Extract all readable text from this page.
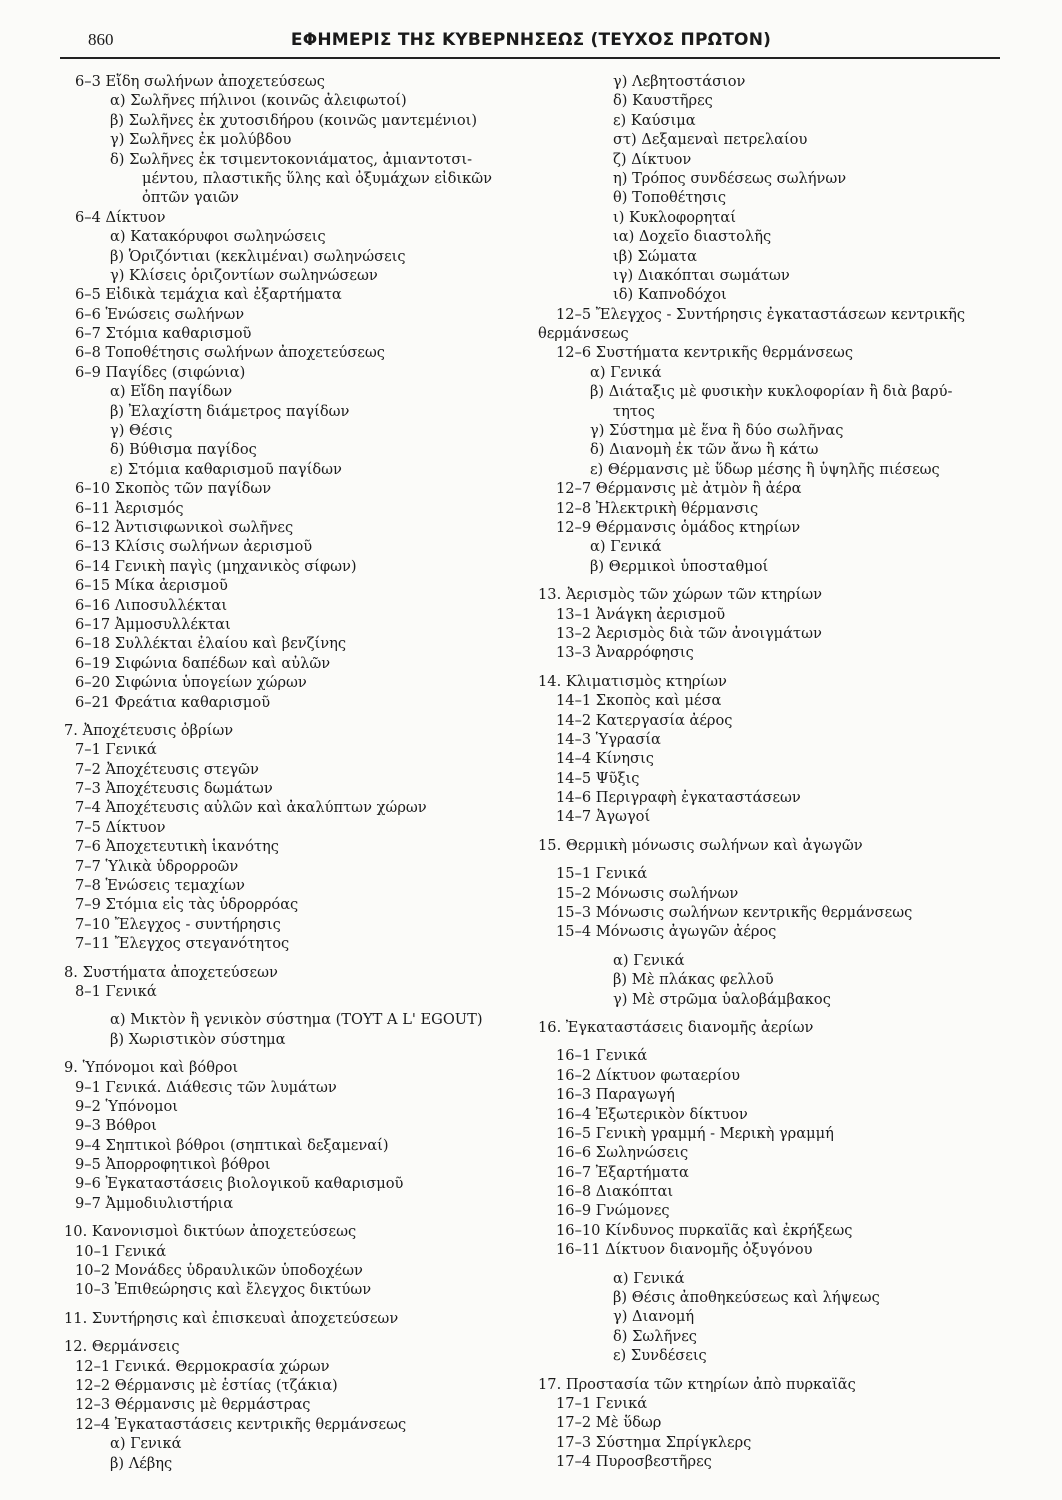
860	ΕΦΗΜΕΡΙΣ ΤΗΣ ΚΥΒΕΡΝΗΣΕΩΣ (ΤΕΥΧΟΣ ΠΡΩΤΟΝ)
6–3 Εἴδη σωλήνων ἀποχετεύσεως
α) Σωλῆνες πήλινοι (κοινῶς ἀλειφωτοί)
β) Σωλῆνες ἐκ χυτοσιδήρου (κοινῶς μαντεμένιοι)
γ) Σωλῆνες ἐκ μολύβδου
δ) Σωλῆνες ἐκ τσιμεντοκονιάματος, ἀμιαντοτσι-
μέντου, πλαστικῆς ὕλης καὶ ὀξυμάχων εἰδικῶν
ὀπτῶν γαιῶν
6–4 Δίκτυον
α) Κατακόρυφοι σωληνώσεις
β) Ὁριζόντιαι (κεκλιμέναι) σωληνώσεις
γ) Κλίσεις ὁριζοντίων σωληνώσεων
6–5 Εἰδικὰ τεμάχια καὶ ἐξαρτήματα
6–6 Ἑνώσεις σωλήνων
6–7 Στόμια καθαρισμοῦ
6–8 Τοποθέτησις σωλήνων ἀποχετεύσεως
6–9 Παγίδες (σιφώνια)
α) Εἴδη παγίδων
β) Ἐλαχίστη διάμετρος παγίδων
γ) Θέσις
δ) Βύθισμα παγίδος
ε) Στόμια καθαρισμοῦ παγίδων
6–10 Σκοπὸς τῶν παγίδων
6–11 Ἀερισμός
6–12 Ἀντισιφωνικοὶ σωλῆνες
6–13 Κλίσις σωλήνων ἀερισμοῦ
6–14 Γενικὴ παγὶς (μηχανικὸς σίφων)
6–15 Μίκα ἀερισμοῦ
6–16 Λιποσυλλέκται
6–17 Ἀμμοσυλλέκται
6–18 Συλλέκται ἐλαίου καὶ βενζίνης
6–19 Σιφώνια δαπέδων καὶ αὐλῶν
6–20 Σιφώνια ὑπογείων χώρων
6–21 Φρεάτια καθαρισμοῦ
7. Ἀποχέτευσις ὀβρίων
7–1 Γενικά
7–2 Ἀποχέτευσις στεγῶν
7–3 Ἀποχέτευσις δωμάτων
7–4 Ἀποχέτευσις αὐλῶν καὶ ἀκαλύπτων χώρων
7–5 Δίκτυον
7–6 Ἀποχετευτικὴ ἱκανότης
7–7 Ὑλικὰ ὑδρορροῶν
7–8 Ἑνώσεις τεμαχίων
7–9 Στόμια εἰς τὰς ὑδρορρόας
7–10 Ἔλεγχος - συντήρησις
7–11 Ἔλεγχος στεγανότητος
8. Συστήματα ἀποχετεύσεων
8–1 Γενικά
α) Μικτὸν ἢ γενικὸν σύστημα (TOYT A L' EGOUT)
β) Χωριστικὸν σύστημα
9. Ὑπόνομοι καὶ βόθροι
9–1 Γενικά. Διάθεσις τῶν λυμάτων
9–2 Ὑπόνομοι
9–3 Βόθροι
9–4 Σηπτικοὶ βόθροι (σηπτικαὶ δεξαμεναί)
9–5 Ἀπορροφητικοὶ βόθροι
9–6 Ἐγκαταστάσεις βιολογικοῦ καθαρισμοῦ
9–7 Ἀμμοδιυλιστήρια
10. Κανονισμοὶ δικτύων ἀποχετεύσεως
10–1 Γενικά
10–2 Μονάδες ὑδραυλικῶν ὑποδοχέων
10–3 Ἐπιθεώρησις καὶ ἔλεγχος δικτύων
11. Συντήρησις καὶ ἐπισκευαὶ ἀποχετεύσεων
12. Θερμάνσεις
12–1 Γενικά. Θερμοκρασία χώρων
12–2 Θέρμανσις μὲ ἑστίας (τζάκια)
12–3 Θέρμανσις μὲ θερμάστρας
12–4 Ἐγκαταστάσεις κεντρικῆς θερμάνσεως
α) Γενικά
β) Λέβης
γ) Λεβητοστάσιον
δ) Καυστῆρες
ε) Καύσιμα
στ) Δεξαμεναὶ πετρελαίου
ζ) Δίκτυον
η) Τρόπος συνδέσεως σωλήνων
θ) Τοποθέτησις
ι) Κυκλοφορηταί
ια) Δοχεῖο διαστολῆς
ιβ) Σώματα
ιγ) Διακόπται σωμάτων
ιδ) Καπνοδόχοι
12–5 Ἔλεγχος - Συντήρησις ἐγκαταστάσεων κεντρικῆς
θερμάνσεως
12–6 Συστήματα κεντρικῆς θερμάνσεως
α) Γενικά
β) Διάταξις μὲ φυσικὴν κυκλοφορίαν ἢ διὰ βαρύ-
τητος
γ) Σύστημα μὲ ἕνα ἢ δύο σωλῆνας
δ) Διανομὴ ἐκ τῶν ἄνω ἢ κάτω
ε) Θέρμανσις μὲ ὕδωρ μέσης ἢ ὑψηλῆς πιέσεως
12–7 Θέρμανσις μὲ ἀτμὸν ἢ ἀέρα
12–8 Ἠλεκτρικὴ θέρμανσις
12–9 Θέρμανσις ὁμάδος κτηρίων
α) Γενικά
β) Θερμικοὶ ὑποσταθμοί
13. Ἀερισμὸς τῶν χώρων τῶν κτηρίων
13–1 Ἀνάγκη ἀερισμοῦ
13–2 Ἀερισμὸς διὰ τῶν ἀνοιγμάτων
13–3 Ἀναρρόφησις
14. Κλιματισμὸς κτηρίων
14–1 Σκοπὸς καὶ μέσα
14–2 Κατεργασία ἀέρος
14–3 Ὑγρασία
14–4 Κίνησις
14–5 Ψῦξις
14–6 Περιγραφὴ ἐγκαταστάσεων
14–7 Ἀγωγοί
15. Θερμικὴ μόνωσις σωλήνων καὶ ἀγωγῶν
15–1 Γενικά
15–2 Μόνωσις σωλήνων
15–3 Μόνωσις σωλήνων κεντρικῆς θερμάνσεως
15–4 Μόνωσις ἀγωγῶν ἀέρος
α) Γενικά
β) Μὲ πλάκας φελλοῦ
γ) Μὲ στρῶμα ὑαλοβάμβακος
16. Ἐγκαταστάσεις διανομῆς ἀερίων
16–1 Γενικά
16–2 Δίκτυον φωταερίου
16–3 Παραγωγή
16–4 Ἐξωτερικὸν δίκτυον
16–5 Γενικὴ γραμμή - Μερικὴ γραμμή
16–6 Σωληνώσεις
16–7 Ἐξαρτήματα
16–8 Διακόπται
16–9 Γνώμονες
16–10 Κίνδυνος πυρκαϊᾶς καὶ ἐκρήξεως
16–11 Δίκτυον διανομῆς ὀξυγόνου
α) Γενικά
β) Θέσις ἀποθηκεύσεως καὶ λήψεως
γ) Διανομή
δ) Σωλῆνες
ε) Συνδέσεις
17. Προστασία τῶν κτηρίων ἀπὸ πυρκαϊᾶς
17–1 Γενικά
17–2 Μὲ ὕδωρ
17–3 Σύστημα Σπρίγκλερς
17–4 Πυροσβεστῆρες
